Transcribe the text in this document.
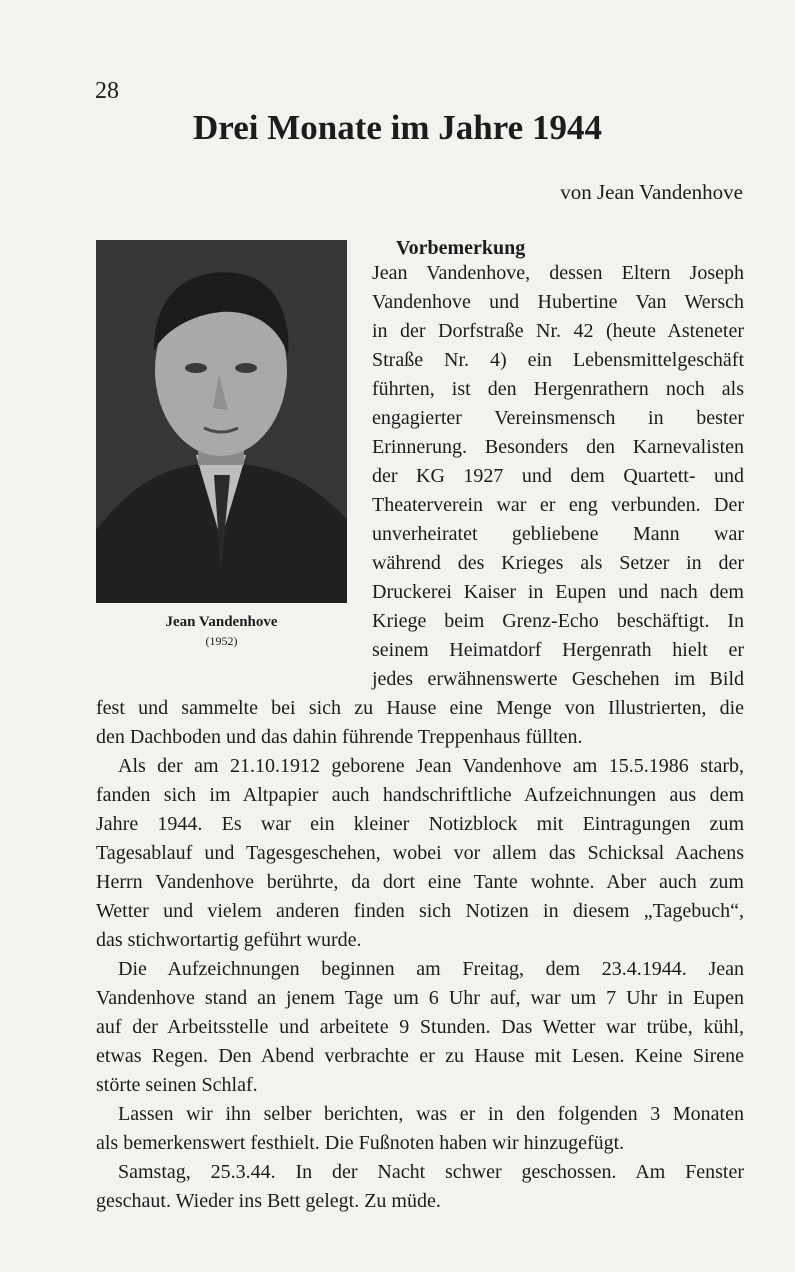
28
Drei Monate im Jahre 1944
von Jean Vandenhove
Jean Vandenhove
(1952)
Vorbemerkung
Jean Vandenhove, dessen Eltern Joseph
Vandenhove und Hubertine Van Wersch
in der Dorfstraße Nr. 42 (heute Asteneter
Straße Nr. 4) ein Lebensmittelgeschäft
führten, ist den Hergenrathern noch als
engagierter Vereinsmensch in bester
Erinnerung. Besonders den Karnevalisten
der KG 1927 und dem Quartett- und
Theaterverein war er eng verbunden. Der
unverheiratet gebliebene Mann war
während des Krieges als Setzer in der
Druckerei Kaiser in Eupen und nach dem
Kriege beim Grenz-Echo beschäftigt. In
seinem Heimatdorf Hergenrath hielt er
jedes erwähnenswerte Geschehen im Bild
fest und sammelte bei sich zu Hause eine Menge von Illustrierten, die
den Dachboden und das dahin führende Treppenhaus füllten.
Als der am 21.10.1912 geborene Jean Vandenhove am 15.5.1986 starb,
fanden sich im Altpapier auch handschriftliche Aufzeichnungen aus dem
Jahre 1944. Es war ein kleiner Notizblock mit Eintragungen zum
Tagesablauf und Tagesgeschehen, wobei vor allem das Schicksal Aachens
Herrn Vandenhove berührte, da dort eine Tante wohnte. Aber auch zum
Wetter und vielem anderen finden sich Notizen in diesem „Tagebuch“,
das stichwortartig geführt wurde.
Die Aufzeichnungen beginnen am Freitag, dem 23.4.1944. Jean
Vandenhove stand an jenem Tage um 6 Uhr auf, war um 7 Uhr in Eupen
auf der Arbeitsstelle und arbeitete 9 Stunden. Das Wetter war trübe, kühl,
etwas Regen. Den Abend verbrachte er zu Hause mit Lesen. Keine Sirene
störte seinen Schlaf.
Lassen wir ihn selber berichten, was er in den folgenden 3 Monaten
als bemerkenswert festhielt. Die Fußnoten haben wir hinzugefügt.
Samstag, 25.3.44. In der Nacht schwer geschossen. Am Fenster
geschaut. Wieder ins Bett gelegt. Zu müde.
